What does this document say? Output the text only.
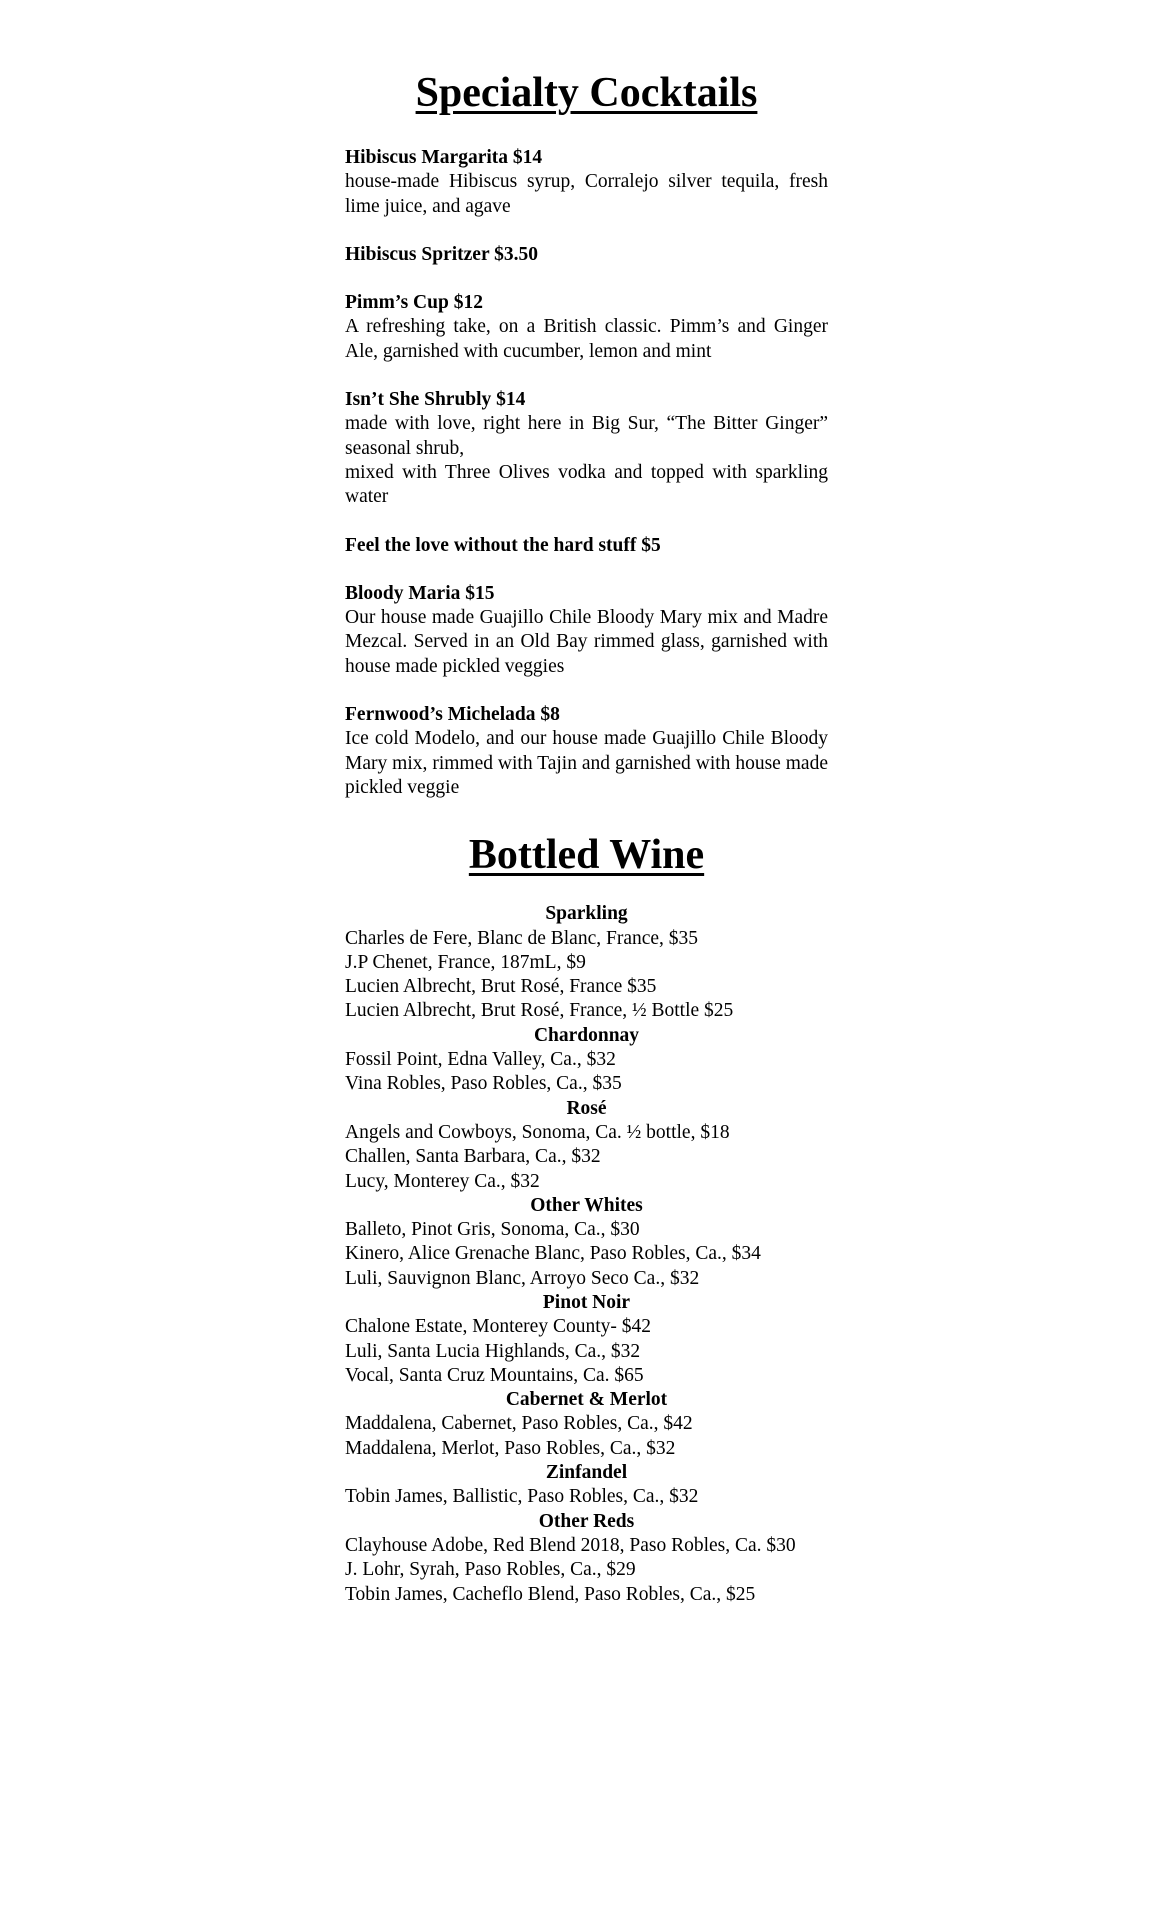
Specialty Cocktails
Hibiscus Margarita $14
house-made Hibiscus syrup, Corralejo silver tequila, fresh lime juice, and agave
Hibiscus Spritzer $3.50
Pimm’s Cup $12
A refreshing take, on a British classic. Pimm’s and Ginger Ale, garnished with cucumber, lemon and mint
Isn’t She Shrubly $14
made with love, right here in Big Sur, “The Bitter Ginger” seasonal shrub,
mixed with Three Olives vodka and topped with sparkling water
Feel the love without the hard stuff $5
Bloody Maria $15
Our house made Guajillo Chile Bloody Mary mix and Madre Mezcal. Served in an Old Bay rimmed glass, garnished with house made pickled veggies
Fernwood’s Michelada $8
Ice cold Modelo, and our house made Guajillo Chile Bloody Mary mix, rimmed with Tajin and garnished with house made pickled veggie
Bottled Wine
Sparkling
Charles de Fere, Blanc de Blanc, France, $35
J.P Chenet, France, 187mL, $9
Lucien Albrecht, Brut Rosé, France $35
Lucien Albrecht, Brut Rosé, France, ½ Bottle $25
Chardonnay
Fossil Point, Edna Valley, Ca., $32
Vina Robles, Paso Robles, Ca., $35
Rosé
Angels and Cowboys, Sonoma, Ca. ½ bottle, $18
Challen, Santa Barbara, Ca., $32
Lucy, Monterey Ca., $32
Other Whites
Balleto, Pinot Gris, Sonoma, Ca., $30
Kinero, Alice Grenache Blanc, Paso Robles, Ca., $34
Luli, Sauvignon Blanc, Arroyo Seco Ca., $32
Pinot Noir
Chalone Estate, Monterey County- $42
Luli, Santa Lucia Highlands, Ca., $32
Vocal, Santa Cruz Mountains, Ca. $65
Cabernet & Merlot
Maddalena, Cabernet, Paso Robles, Ca., $42
Maddalena, Merlot, Paso Robles, Ca., $32
Zinfandel
Tobin James, Ballistic, Paso Robles, Ca., $32
Other Reds
Clayhouse Adobe, Red Blend 2018, Paso Robles, Ca. $30
J. Lohr, Syrah, Paso Robles, Ca., $29
Tobin James, Cacheflo Blend, Paso Robles, Ca., $25
